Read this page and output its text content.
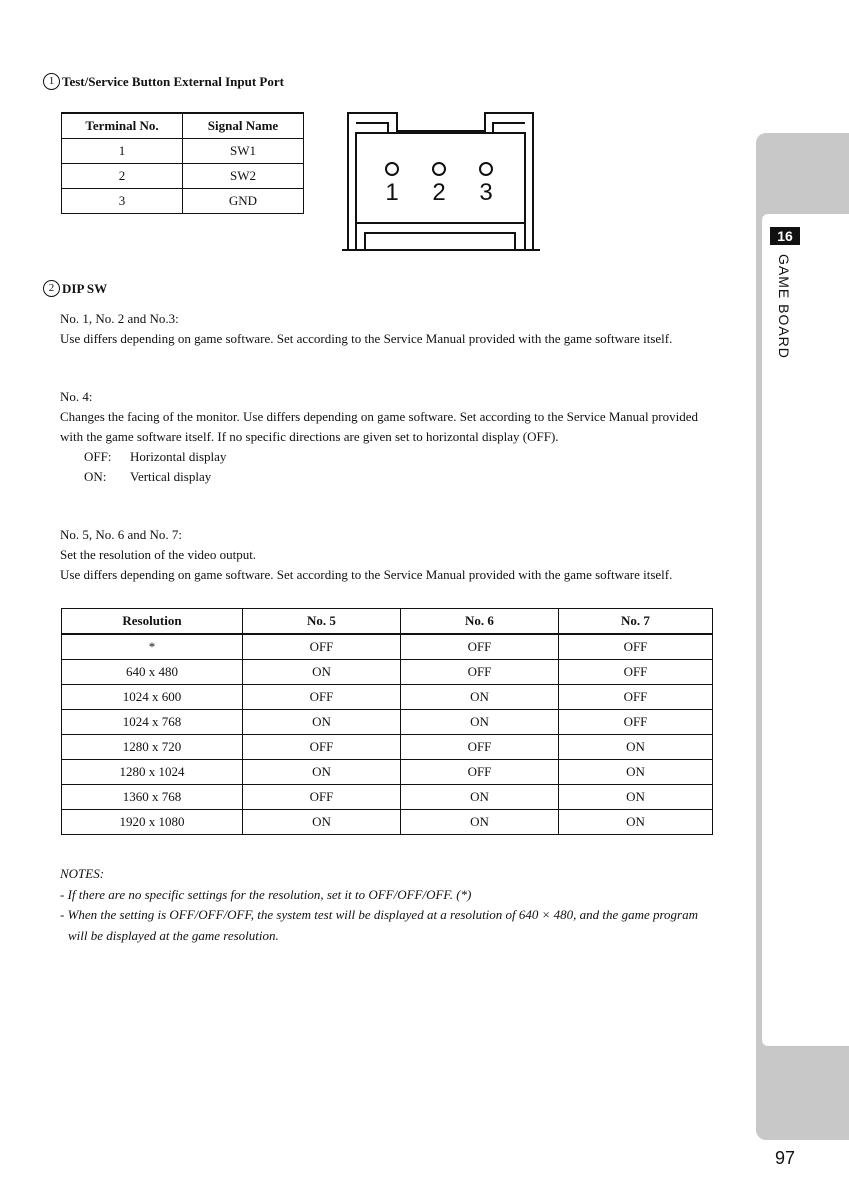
16
GAME BOARD
97
1 Test/Service Button External Input Port
Terminal No.	Signal Name
1	SW1
2	SW2
3	GND	1 2 3
2 DIP SW
No. 1, No. 2 and No.3:
Use differs depending on game software. Set according to the Service Manual provided with the game software itself.
No. 4:
Changes the facing of the monitor. Use differs depending on game software. Set according to the Service Manual provided
with the game software itself. If no specific directions are given set to horizontal display (OFF).
OFF: Horizontal display
ON: Vertical display
No. 5, No. 6 and No. 7:
Set the resolution of the video output.
Use differs depending on game software. Set according to the Service Manual provided with the game software itself.
Resolution	No. 5	No. 6	No. 7
*	OFF	OFF	OFF
640 x 480	ON	OFF	OFF
1024 x 600	OFF	ON	OFF
1024 x 768	ON	ON	OFF
1280 x 720	OFF	OFF	ON
1280 x 1024	ON	OFF	ON
1360 x 768	OFF	ON	ON
1920 x 1080	ON	ON	ON
NOTES:
- If there are no specific settings for the resolution, set it to OFF/OFF/OFF. (*)
- When the setting is OFF/OFF/OFF, the system test will be displayed at a resolution of 640 × 480, and the game program
will be displayed at the game resolution.
